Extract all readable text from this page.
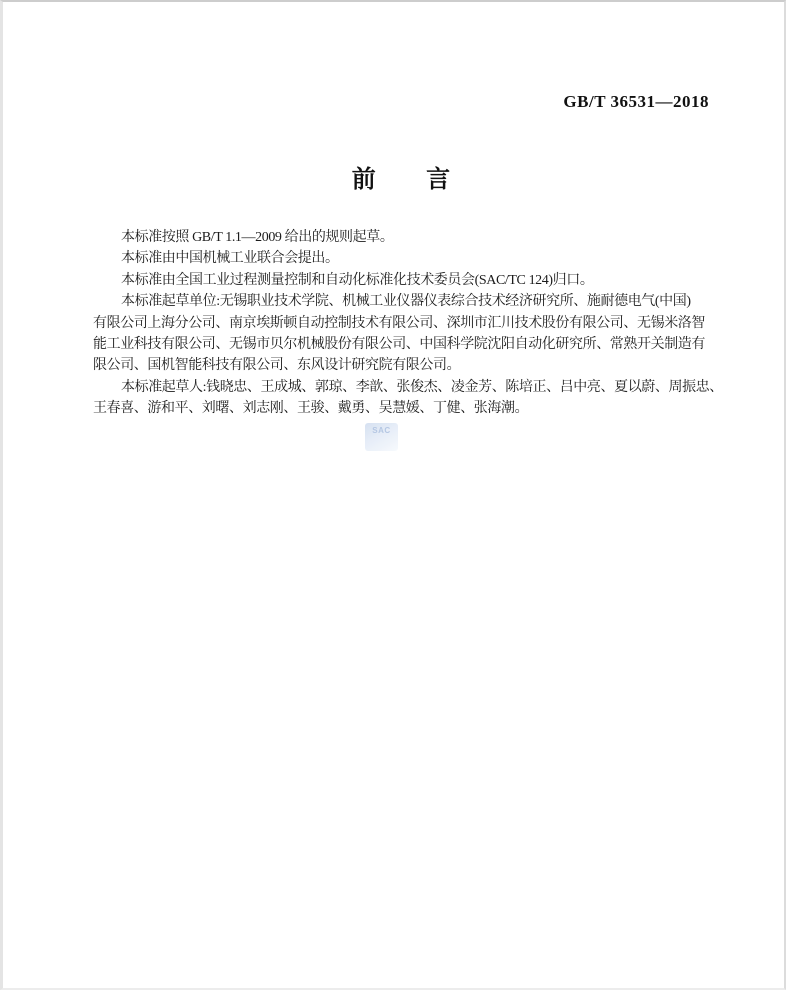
GB/T 36531—2018
前言
本标准按照 GB/T 1.1—2009 给出的规则起草。
本标准由中国机械工业联合会提出。
本标准由全国工业过程测量控制和自动化标准化技术委员会(SAC/TC 124)归口。
本标准起草单位:无锡职业技术学院、机械工业仪器仪表综合技术经济研究所、施耐德电气(中国)
有限公司上海分公司、南京埃斯顿自动控制技术有限公司、深圳市汇川技术股份有限公司、无锡米洛智
能工业科技有限公司、无锡市贝尔机械股份有限公司、中国科学院沈阳自动化研究所、常熟开关制造有
限公司、国机智能科技有限公司、东风设计研究院有限公司。
本标准起草人:钱晓忠、王成城、郭琼、李歆、张俊杰、凌金芳、陈培正、吕中亮、夏以蔚、周振忠、
王春喜、游和平、刘曙、刘志刚、王骏、戴勇、吴慧媛、丁健、张海潮。
SAC
